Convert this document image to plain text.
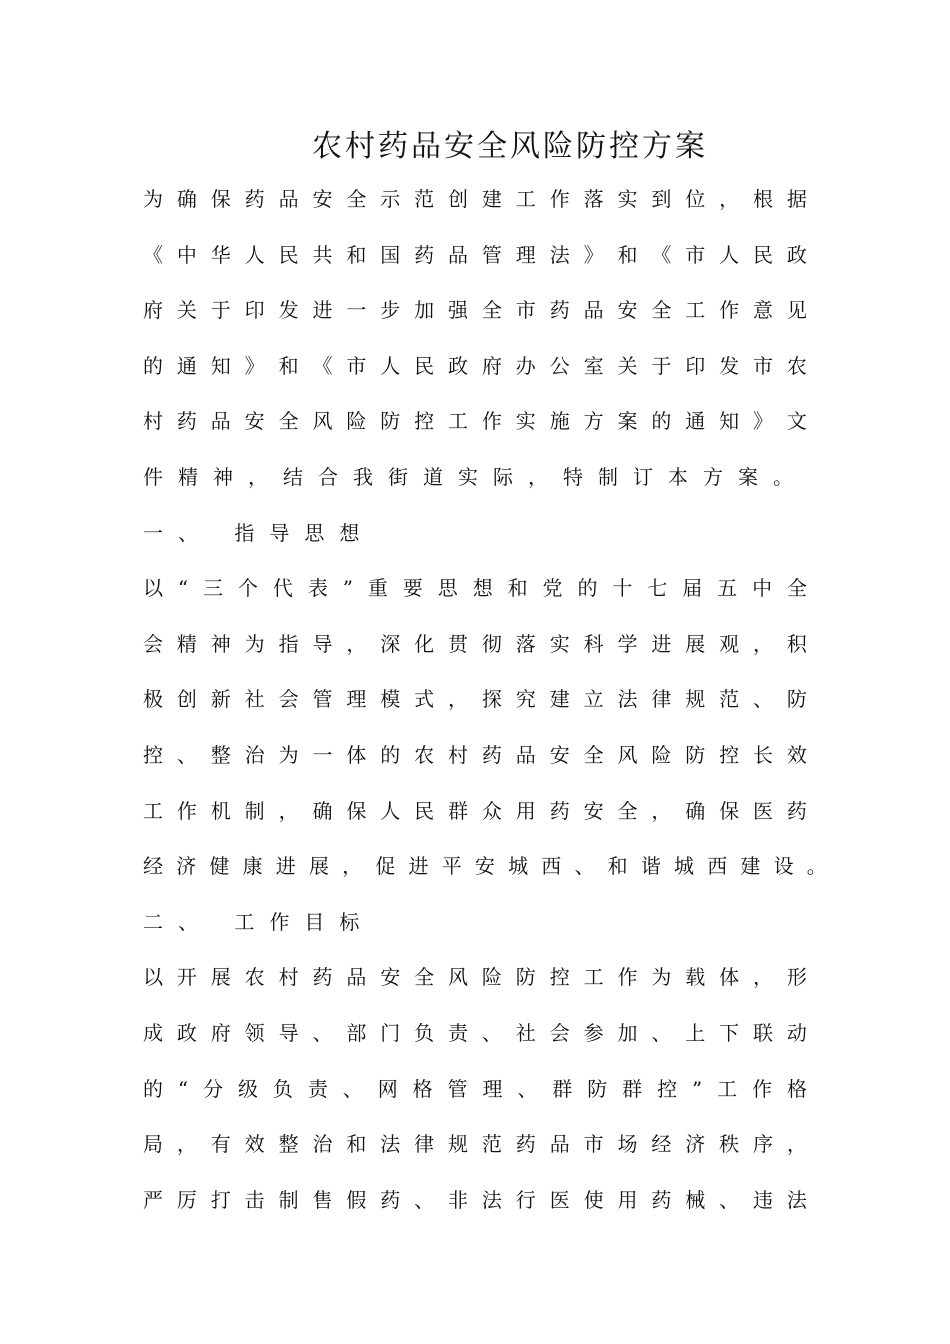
农村药品安全风险防控方案
为 确 保 药 品 安 全 示 范 创 建 工 作 落 实 到 位 ， 根 据
《 中 华 人 民 共 和 国 药 品 管 理 法 》 和 《 市 人 民 政
府 关 于 印 发 进 一 步 加 强 全 市 药 品 安 全 工 作 意 见
的 通 知 》 和 《 市 人 民 政 府 办 公 室 关 于 印 发 市 农
村 药 品 安 全 风 险 防 控 工 作 实 施 方 案 的 通 知 》 文
件精神，结合我街道实际，特制订本方案。
一、 指导思想
以 “ 三 个 代 表 ” 重 要 思 想 和 党 的 十 七 届 五 中 全
会 精 神 为 指 导 ， 深 化 贯 彻 落 实 科 学 进 展 观 ， 积
极 创 新 社 会 管 理 模 式 ， 探 究 建 立 法 律 规 范 、 防
控 、 整 治 为 一 体 的 农 村 药 品 安 全 风 险 防 控 长 效
工 作 机 制 ， 确 保 人 民 群 众 用 药 安 全 ， 确 保 医 药
经 济 健 康 进 展 ， 促 进 平 安 城 西 、 和 谐 城 西 建 设 。
二、 工作目标
以 开 展 农 村 药 品 安 全 风 险 防 控 工 作 为 载 体 ， 形
成 政 府 领 导 、 部 门 负 责 、 社 会 参 加 、 上 下 联 动
的 “ 分 级 负 责 、 网 格 管 理 、 群 防 群 控 ” 工 作 格
局 ， 有 效 整 治 和 法 律 规 范 药 品 市 场 经 济 秩 序 ，
严 厉 打 击 制 售 假 药 、 非 法 行 医 使 用 药 械 、 违 法
